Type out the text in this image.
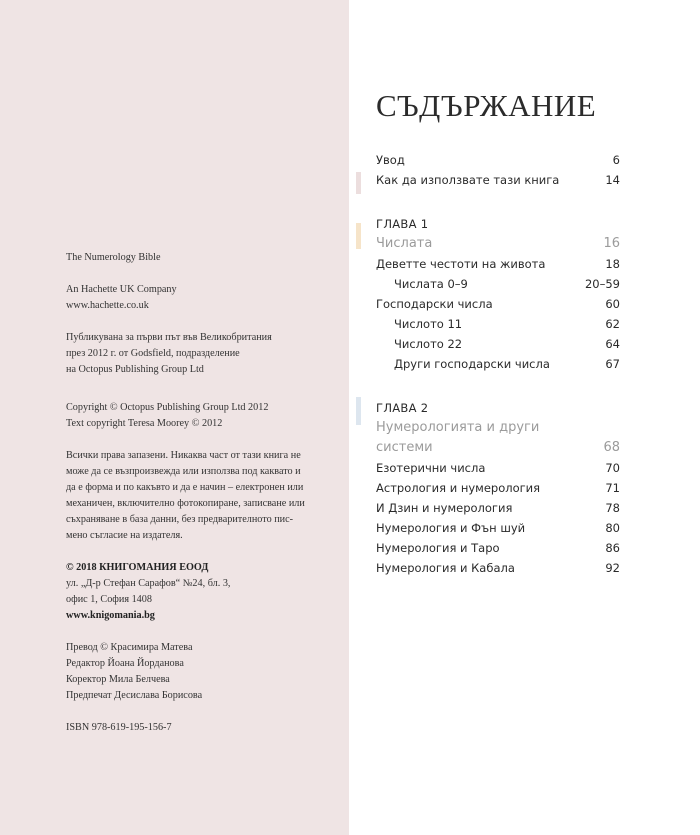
The Numerology Bible
An Hachette UK Company
www.hachette.co.uk
Публикувана за първи път във Великобритания
през 2012 г. от Godsfield, подразделение
на Octopus Publishing Group Ltd
Copyright © Octopus Publishing Group Ltd 2012
Text copyright Teresa Moorey © 2012
Всички права запазени. Никаква част от тази книга не
може да се възпроизвежда или използва под каквато и
да е форма и по какъвто и да е начин – електронен или
механичен, включително фотокопиране, записване или
съхраняване в база данни, без предварителното пис-
мено съгласие на издателя.
© 2018 КНИГОМАНИЯ ЕООД
ул. „Д-р Стефан Сарафов“ №24, бл. 3,
офис 1, София 1408
www.knigomania.bg
Превод © Красимира Матева
Редактор Йоана Йорданова
Коректор Мила Белчева
Предпечат Десислава Борисова
ISBN 978-619-195-156-7
СЪДЪРЖАНИЕ
Увод	6
Как да използвате тази книга	14
ГЛАВА 1
Числата	16
Деветте честоти на живота	18
Числата 0–9	20–59
Господарски числа	60
Числото 11	62
Числото 22	64
Други господарски числа	67
ГЛАВА 2
Нумерологията и други
системи	68
Езотерични числа	70
Астрология и нумерология	71
И Дзин и нумерология	78
Нумерология и Фън шуй	80
Нумерология и Таро	86
Нумерология и Кабала	92
